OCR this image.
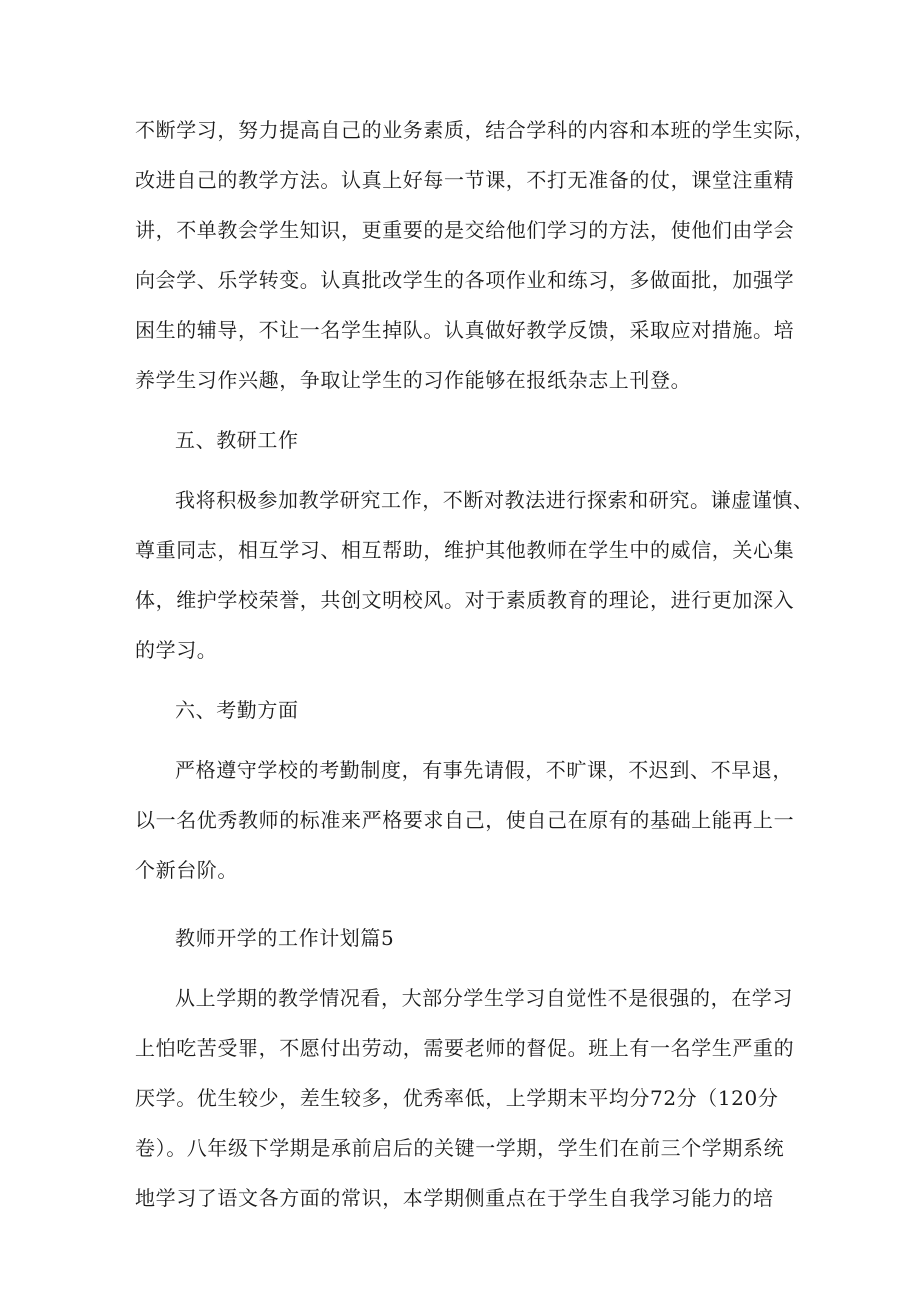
不断学习，努力提高自己的业务素质，结合学科的内容和本班的学生实际，
改进自己的教学方法。认真上好每一节课，不打无准备的仗，课堂注重精
讲，不单教会学生知识，更重要的是交给他们学习的方法，使他们由学会
向会学、乐学转变。认真批改学生的各项作业和练习，多做面批，加强学
困生的辅导，不让一名学生掉队。认真做好教学反馈，采取应对措施。培
养学生习作兴趣，争取让学生的习作能够在报纸杂志上刊登。
五、教研工作
我将积极参加教学研究工作，不断对教法进行探索和研究。谦虚谨慎、
尊重同志，相互学习、相互帮助，维护其他教师在学生中的威信，关心集
体，维护学校荣誉，共创文明校风。对于素质教育的理论，进行更加深入
的学习。
六、考勤方面
严格遵守学校的考勤制度，有事先请假，不旷课，不迟到、不早退，
以一名优秀教师的标准来严格要求自己，使自己在原有的基础上能再上一
个新台阶。
教师开学的工作计划篇5
从上学期的教学情况看，大部分学生学习自觉性不是很强的，在学习
上怕吃苦受罪，不愿付出劳动，需要老师的督促。班上有一名学生严重的
厌学。优生较少，差生较多，优秀率低，上学期末平均分72分（120分
卷）。八年级下学期是承前启后的关键一学期，学生们在前三个学期系统
地学习了语文各方面的常识，本学期侧重点在于学生自我学习能力的培
